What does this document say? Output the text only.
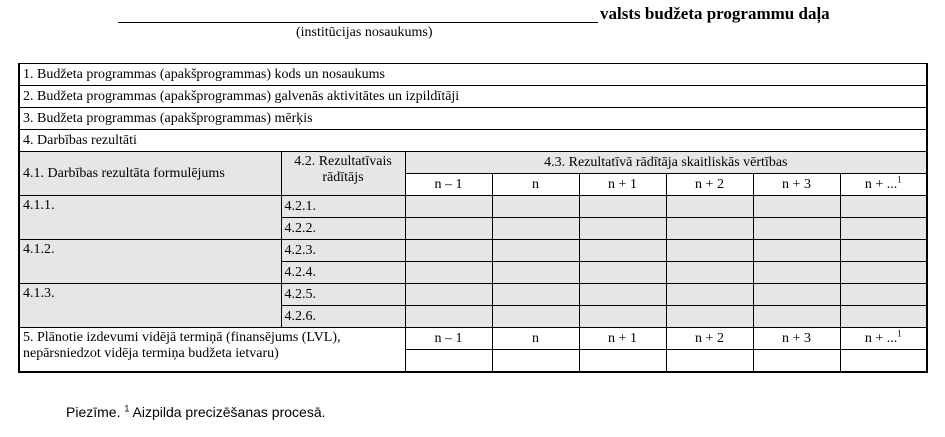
valsts budžeta programmu daļa
(institūcijas nosaukums)
1. Budžeta programmas (apakšprogrammas) kods un nosaukums							
2. Budžeta programmas (apakšprogrammas) galvenās aktivitātes un izpildītāji							
3. Budžeta programmas (apakšprogrammas) mērķis							
4. Darbības rezultāti							
4.1. Darbības rezultāta formulējums	4.2. Rezultatīvais rādītājs	4.3. Rezultatīvā rādītāja skaitliskās vērtības					
		n – 1	n	n + 1	n + 2	n + 3	n + ...$^1$
4.1.1.	4.2.1.						
	4.2.2.						
4.1.2.	4.2.3.						
	4.2.4.						
4.1.3.	4.2.5.						
	4.2.6.						
5. Plānotie izdevumi vidējā termiņā (finansējums (LVL), nepārsniedzot vidēja termiņa budžeta ietvaru)		n – 1	n	n + 1	n + 2	n + 3	n + ...$^1$

Piezīme. $^1$ Aizpilda precizēšanas procesā.
